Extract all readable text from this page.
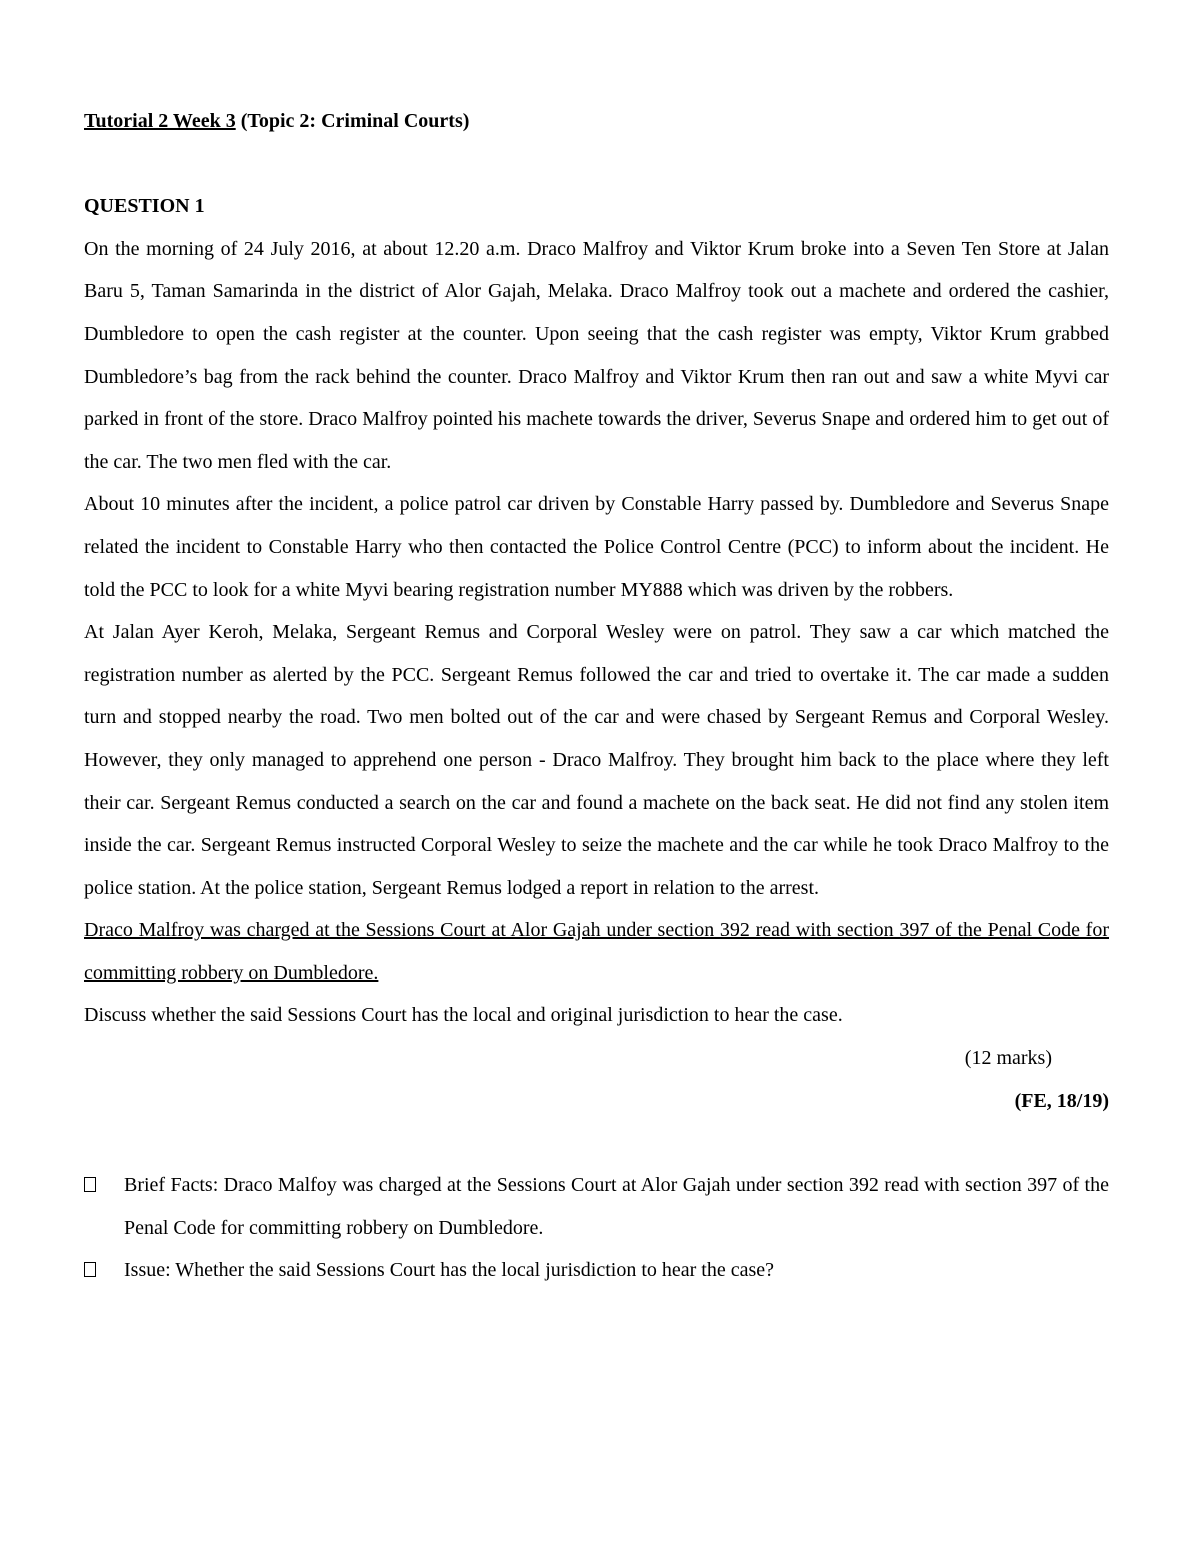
Tutorial 2 Week 3 (Topic 2: Criminal Courts)

QUESTION 1

On the morning of 24 July 2016, at about 12.20 a.m. Draco Malfroy and Viktor Krum broke into a Seven Ten Store at Jalan Baru 5, Taman Samarinda in the district of Alor Gajah, Melaka. Draco Malfroy took out a machete and ordered the cashier, Dumbledore to open the cash register at the counter. Upon seeing that the cash register was empty, Viktor Krum grabbed Dumbledore’s bag from the rack behind the counter. Draco Malfroy and Viktor Krum then ran out and saw a white Myvi car parked in front of the store. Draco Malfroy pointed his machete towards the driver, Severus Snape and ordered him to get out of the car. The two men fled with the car.

About 10 minutes after the incident, a police patrol car driven by Constable Harry passed by. Dumbledore and Severus Snape related the incident to Constable Harry who then contacted the Police Control Centre (PCC) to inform about the incident. He told the PCC to look for a white Myvi bearing registration number MY888 which was driven by the robbers.

At Jalan Ayer Keroh, Melaka, Sergeant Remus and Corporal Wesley were on patrol. They saw a car which matched the registration number as alerted by the PCC. Sergeant Remus followed the car and tried to overtake it. The car made a sudden turn and stopped nearby the road. Two men bolted out of the car and were chased by Sergeant Remus and Corporal Wesley. However, they only managed to apprehend one person - Draco Malfroy. They brought him back to the place where they left their car. Sergeant Remus conducted a search on the car and found a machete on the back seat. He did not find any stolen item inside the car. Sergeant Remus instructed Corporal Wesley to seize the machete and the car while he took Draco Malfroy to the police station. At the police station, Sergeant Remus lodged a report in relation to the arrest.

Draco Malfroy was charged at the Sessions Court at Alor Gajah under section 392 read with section 397 of the Penal Code for committing robbery on Dumbledore.

Discuss whether the said Sessions Court has the local and original jurisdiction to hear the case.

(12 marks)

(FE, 18/19)

Brief Facts: Draco Malfoy was charged at the Sessions Court at Alor Gajah under section 392 read with section 397 of the Penal Code for committing robbery on Dumbledore.

Issue: Whether the said Sessions Court has the local jurisdiction to hear the case?
